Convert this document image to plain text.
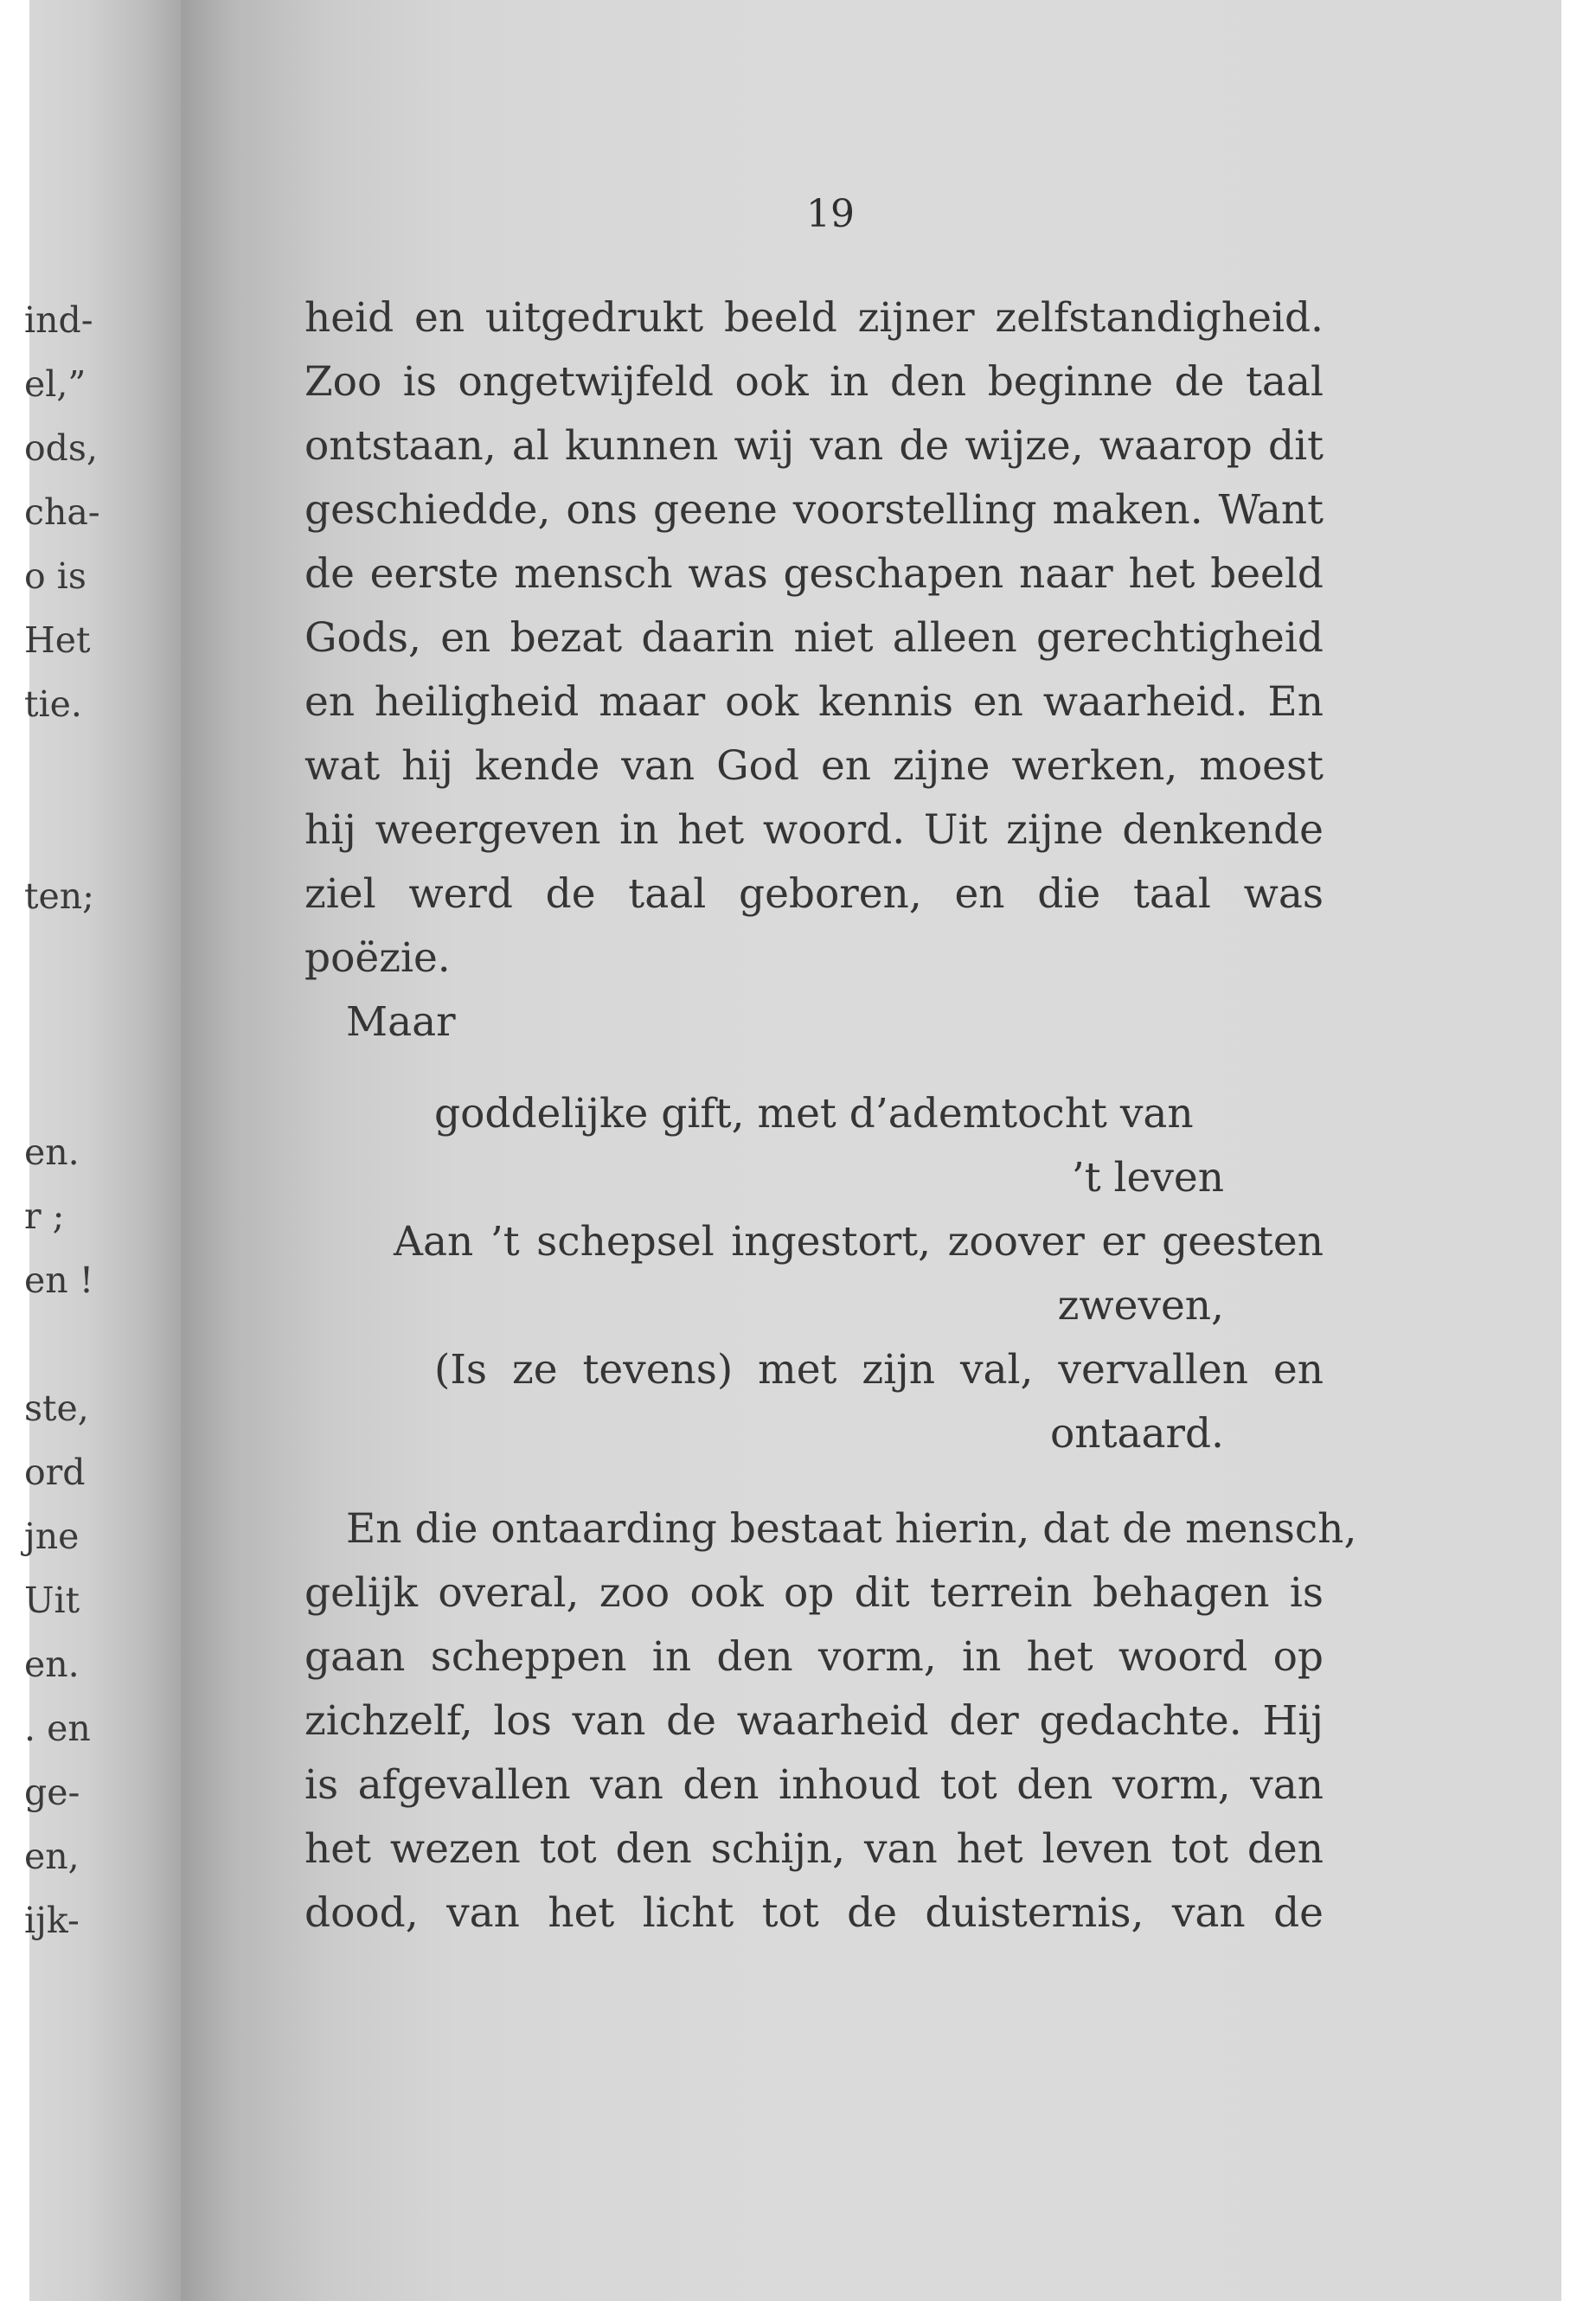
ind-
el,”
ods,
cha-
o is
Het
tie.
ten;
en.
r ;
en !
ste,
ord
jne
Uit
en.
. en
ge-
en,
ijk-
19
heid en uitgedrukt beeld zijner zelfstandigheid.
Zoo is ongetwijfeld ook in den beginne de taal
ontstaan, al kunnen wij van de wijze, waarop dit
geschiedde, ons geene voorstelling maken. Want
de eerste mensch was geschapen naar het beeld
Gods, en bezat daarin niet alleen gerechtigheid
en heiligheid maar ook kennis en waarheid. En
wat hij kende van God en zijne werken, moest
hij weergeven in het woord. Uit zijne denkende
ziel werd de taal geboren, en die taal was
poëzie.
Maar
goddelijke gift, met d’ademtocht van
’t leven
Aan ’t schepsel ingestort, zoover er geesten
zweven,
(Is ze tevens) met zijn val, vervallen en
ontaard.
En die ontaarding bestaat hierin, dat de mensch,
gelijk overal, zoo ook op dit terrein behagen is
gaan scheppen in den vorm, in het woord op
zichzelf, los van de waarheid der gedachte. Hij
is afgevallen van den inhoud tot den vorm, van
het wezen tot den schijn, van het leven tot den
dood, van het licht tot de duisternis, van de
